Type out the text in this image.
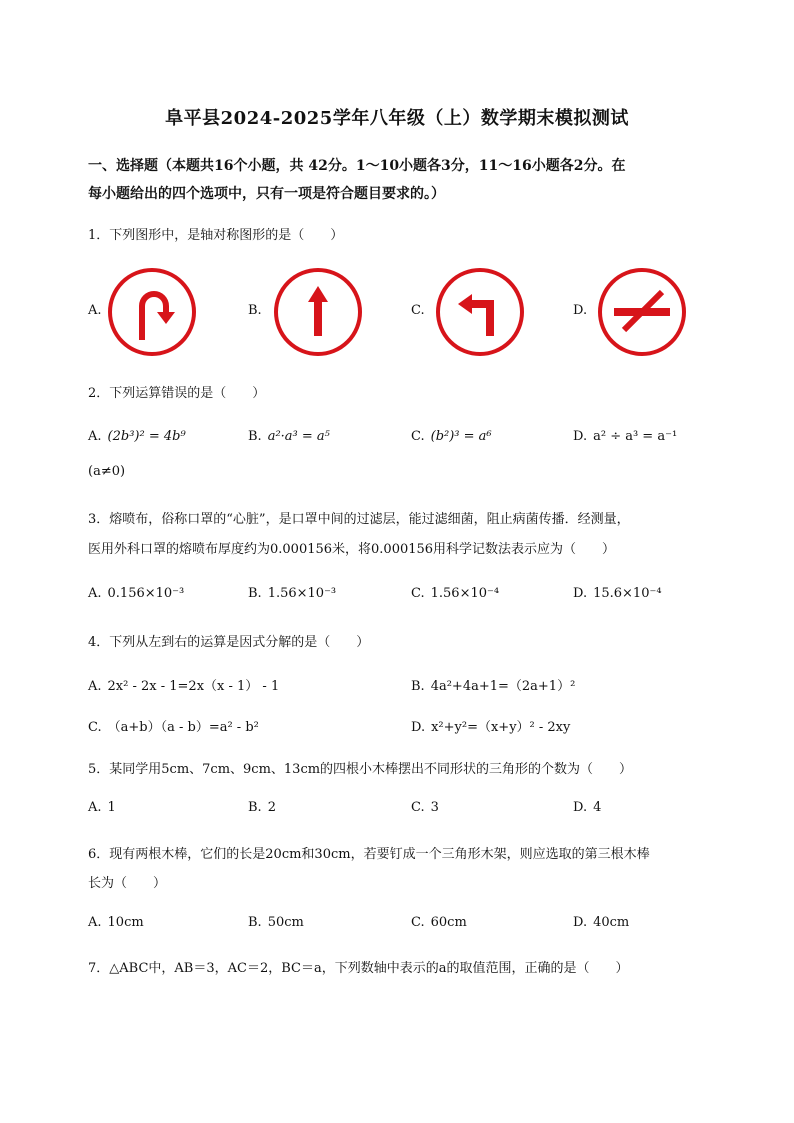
阜平县2024-2025学年八年级（上）数学期末模拟测试
一、选择题（本题共16个小题，共 42分。1～10小题各3分，11～16小题各2分。在
每小题给出的四个选项中，只有一项是符合题目要求的。）
1．下列图形中，是轴对称图形的是（　　）
A.	B.	C.	D.
2．下列运算错误的是（　　）
A. (2b³)² = 4b⁹	B. a²·a³ = a⁵	C. (b²)³ = a⁶	D. a² ÷ a³ = a⁻¹
(a≠0)
3．熔喷布，俗称口罩的“心脏”，是口罩中间的过滤层，能过滤细菌，阻止病菌传播．经测量，
医用外科口罩的熔喷布厚度约为0.000156米，将0.000156用科学记数法表示应为（　　）
A. 0.156×10⁻³	B. 1.56×10⁻³	C. 1.56×10⁻⁴	D. 15.6×10⁻⁴
4．下列从左到右的运算是因式分解的是（　　）
A. 2x² - 2x - 1=2x（x - 1） - 1	B. 4a²+4a+1=（2a+1）²
C. （a+b）（a - b）=a² - b²	D. x²+y²=（x+y）² - 2xy
5．某同学用5cm、7cm、9cm、13cm的四根小木棒摆出不同形状的三角形的个数为（　　）
A. 1	B. 2	C. 3	D. 4
6．现有两根木棒，它们的长是20cm和30cm，若要钉成一个三角形木架，则应选取的第三根木棒
长为（　　）
A. 10cm	B. 50cm	C. 60cm	D. 40cm
7．△ABC中，AB＝3，AC＝2，BC＝a，下列数轴中表示的a的取值范围，正确的是（　　）
